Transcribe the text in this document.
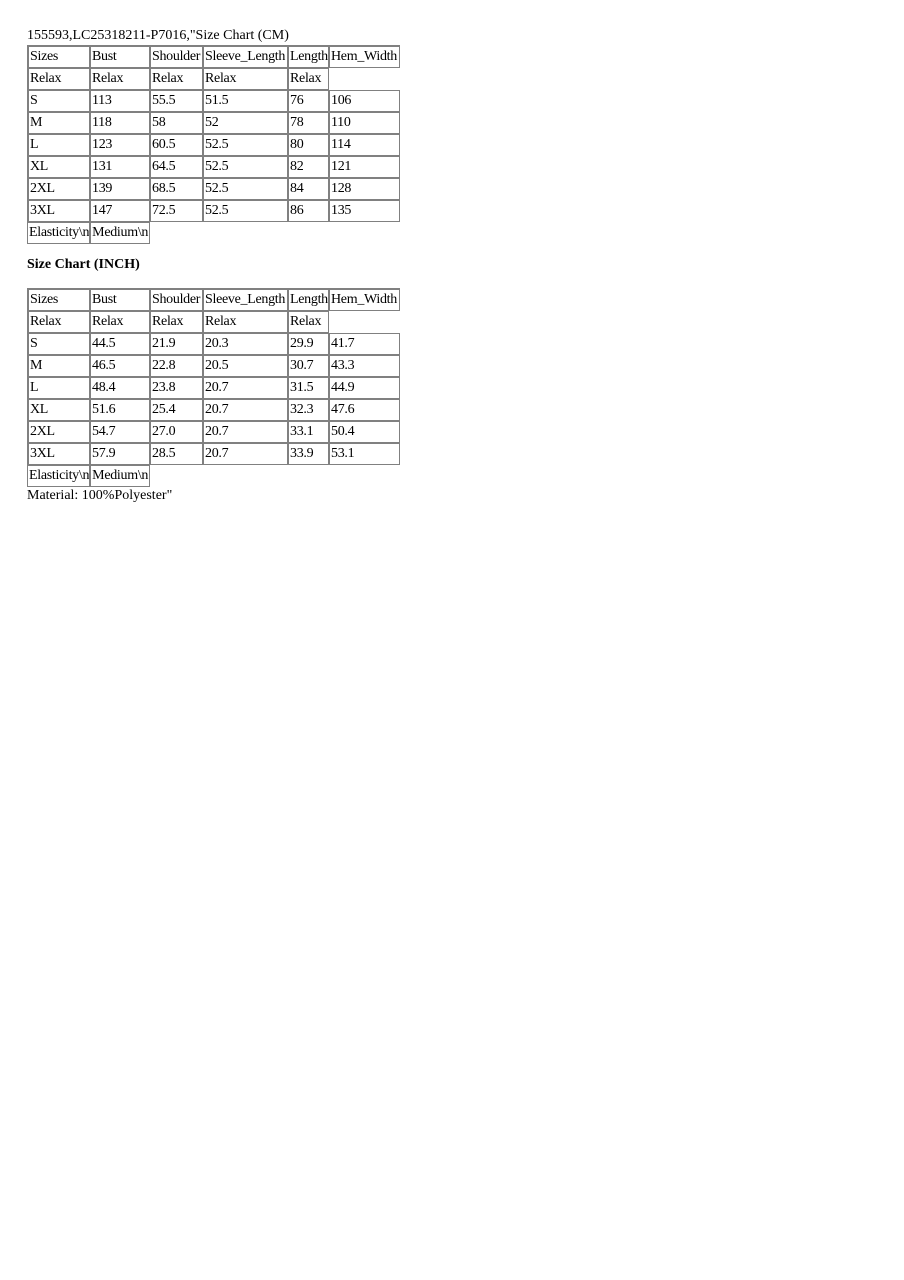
155593,LC25318211-P7016,"Size Chart (CM)
Sizes	Bust	Shoulder	Sleeve_Length	Length	Hem_Width
Relax	Relax	Relax	Relax	Relax	
S	113	55.5	51.5	76	106
M	118	58	52	78	110
L	123	60.5	52.5	80	114
XL	131	64.5	52.5	82	121
2XL	139	68.5	52.5	84	128
3XL	147	72.5	52.5	86	135
Elasticity\n	Medium\n
Size Chart (INCH)
Sizes	Bust	Shoulder	Sleeve_Length	Length	Hem_Width
Relax	Relax	Relax	Relax	Relax	
S	44.5	21.9	20.3	29.9	41.7
M	46.5	22.8	20.5	30.7	43.3
L	48.4	23.8	20.7	31.5	44.9
XL	51.6	25.4	20.7	32.3	47.6
2XL	54.7	27.0	20.7	33.1	50.4
3XL	57.9	28.5	20.7	33.9	53.1
Elasticity\n	Medium\n
Material: 100%Polyester"
